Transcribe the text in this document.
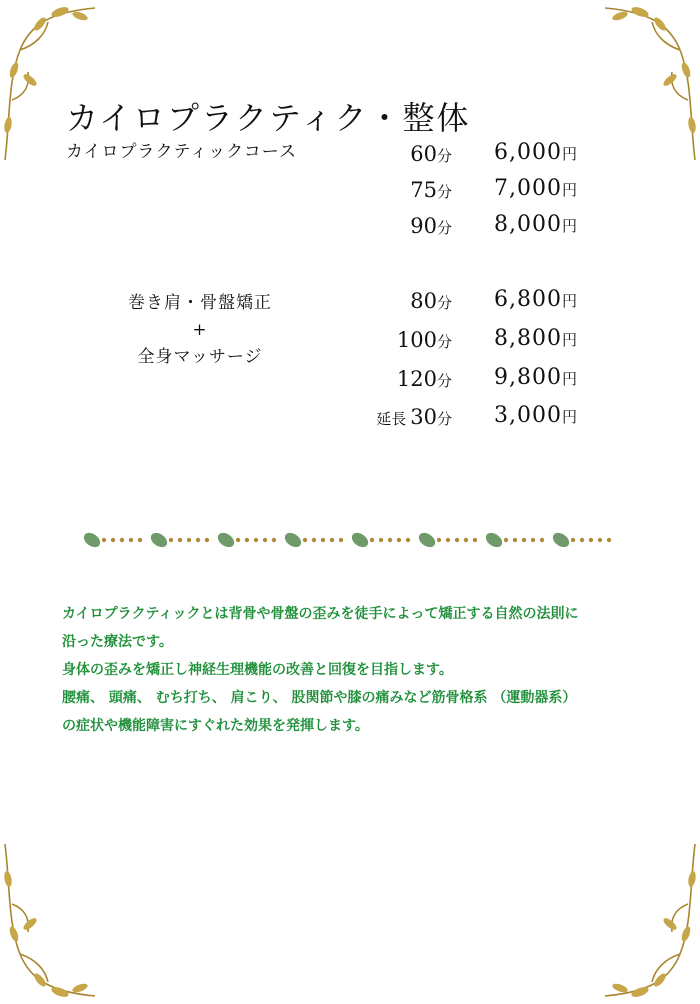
カイロプラクティク・整体
カイロプラクティックコース	60分 6,000円
75分 7,000円
90分 8,000円
巻き肩・骨盤矯正
+
全身マッサージ
80分 6,800円
100分 8,800円
120分 9,800円
延長 30分 3,000円

カイロプラクティックとは背骨や骨盤の歪みを徒手によって矯正する自然の法則に

沿った療法です。

身体の歪みを矯正し神経生理機能の改善と回復を目指します。

腰痛、 頭痛、 むち打ち、 肩こり、 股関節や膝の痛みなど筋骨格系 （運動器系）

の症状や機能障害にすぐれた効果を発揮します。
